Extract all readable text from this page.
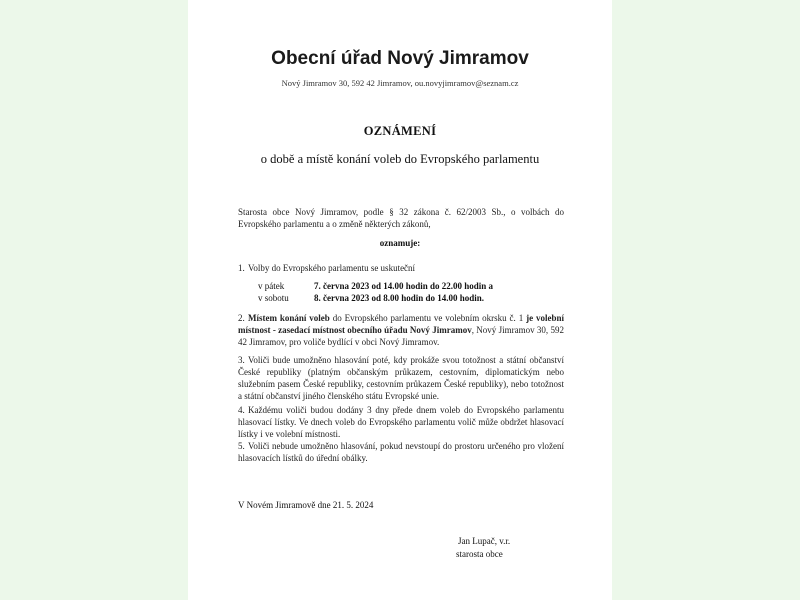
Obecní úřad Nový Jimramov
Nový Jimramov 30, 592 42 Jimramov, ou.novyjimramov@seznam.cz
OZNÁMENÍ
o době a místě konání voleb do Evropského parlamentu
Starosta obce Nový Jimramov, podle § 32 zákona č. 62/2003 Sb., o volbách do Evropského parlamentu a o změně některých zákonů,
oznamuje:
1. Volby do Evropského parlamentu se uskuteční
v pátek	7. června 2023 od 14.00 hodin do 22.00 hodin a
v sobotu	8. června 2023 od 8.00 hodin do 14.00 hodin.
2. Místem konání voleb do Evropského parlamentu ve volebním okrsku č. 1 je volební místnost - zasedací místnost obecního úřadu Nový Jimramov, Nový Jimramov 30, 592 42 Jimramov, pro voliče bydlící v obci Nový Jimramov.
3. Voliči bude umožněno hlasování poté, kdy prokáže svou totožnost a státní občanství České republiky (platným občanským průkazem, cestovním, diplomatickým nebo služebním pasem České republiky, cestovním průkazem České republiky), nebo totožnost a státní občanství jiného členského státu Evropské unie.
4. Každému voliči budou dodány 3 dny přede dnem voleb do Evropského parlamentu hlasovací lístky. Ve dnech voleb do Evropského parlamentu volič může obdržet hlasovací lístky i ve volební místnosti.
5. Voliči nebude umožněno hlasování, pokud nevstoupí do prostoru určeného pro vložení hlasovacích lístků do úřední obálky.
V Novém Jimramově dne 21. 5. 2024
Jan Lupač, v.r.
starosta obce
